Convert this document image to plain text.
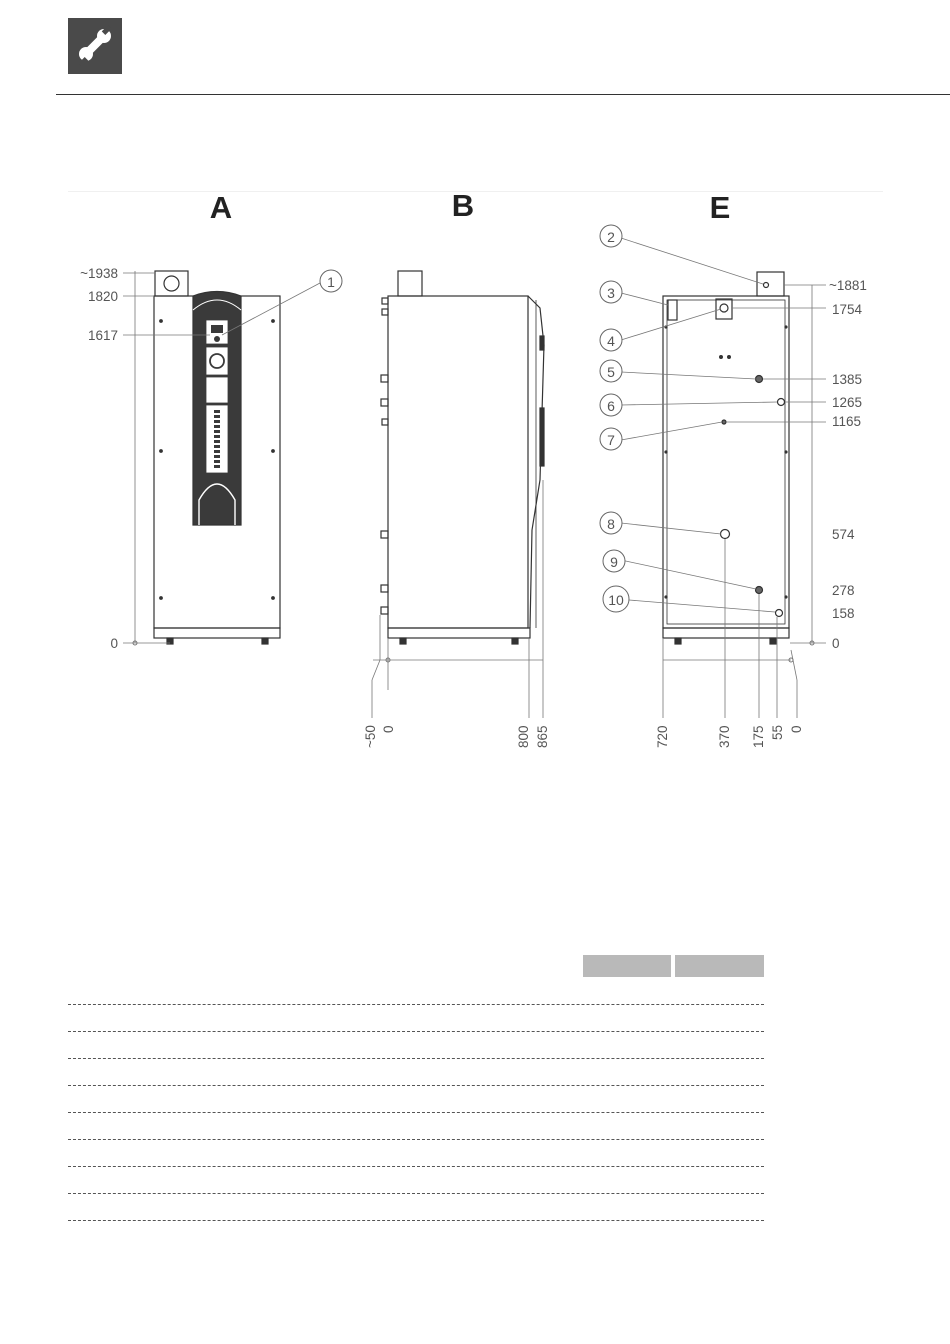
A	B	E
~1938
1820
1617
0
1
~50 0	800 865
~1881
1754
1385
1265
1165
574
278
158
0
720	370 175 55 0
2
3
4
5
6
7
8
9
10
